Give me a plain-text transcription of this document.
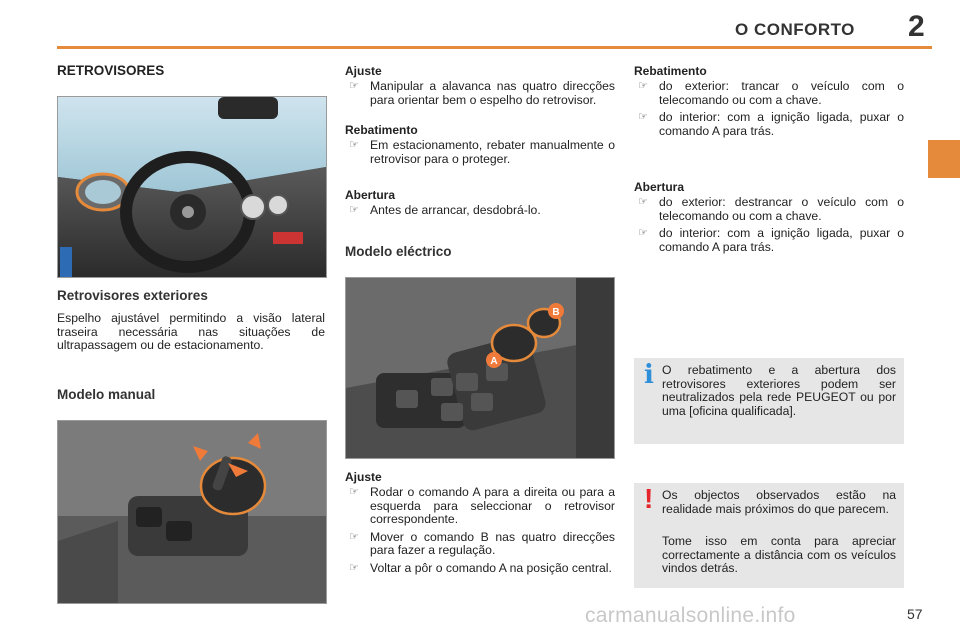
O CONFORTO 2
RETROVISORES
Retrovisores exteriores
Espelho ajustável permitindo a visão lateral traseira necessária nas situações de ultrapassagem ou de estacionamento.
Modelo manual
Ajuste
☞ Manipular a alavanca nas quatro direcções para orientar bem o espelho do retrovisor.
Rebatimento
☞ Em estacionamento, rebater manualmente o retrovisor para o proteger.
Abertura
☞ Antes de arrancar, desdobrá-lo.
Modelo eléctrico
A
B
Ajuste
☞ Rodar o comando A para a direita ou para a esquerda para seleccionar o retrovisor correspondente.
☞ Mover o comando B nas quatro direcções para fazer a regulação.
☞ Voltar a pôr o comando A na posição central.
Rebatimento
☞ do exterior: trancar o veículo com o telecomando ou com a chave.
☞ do interior: com a ignição ligada, puxar o comando A para trás.
Abertura
☞ do exterior: destrancar o veículo com o telecomando ou com a chave.
☞ do interior: com a ignição ligada, puxar o comando A para trás.
i O rebatimento e a abertura dos retrovisores exteriores podem ser neutralizados pela rede PEUGEOT ou por uma [oficina qualificada].
! Os objectos observados estão na realidade mais próximos do que parecem.
Tome isso em conta para apreciar correctamente a distância com os veículos vindos detrás.
carmanualsonline.info	57
